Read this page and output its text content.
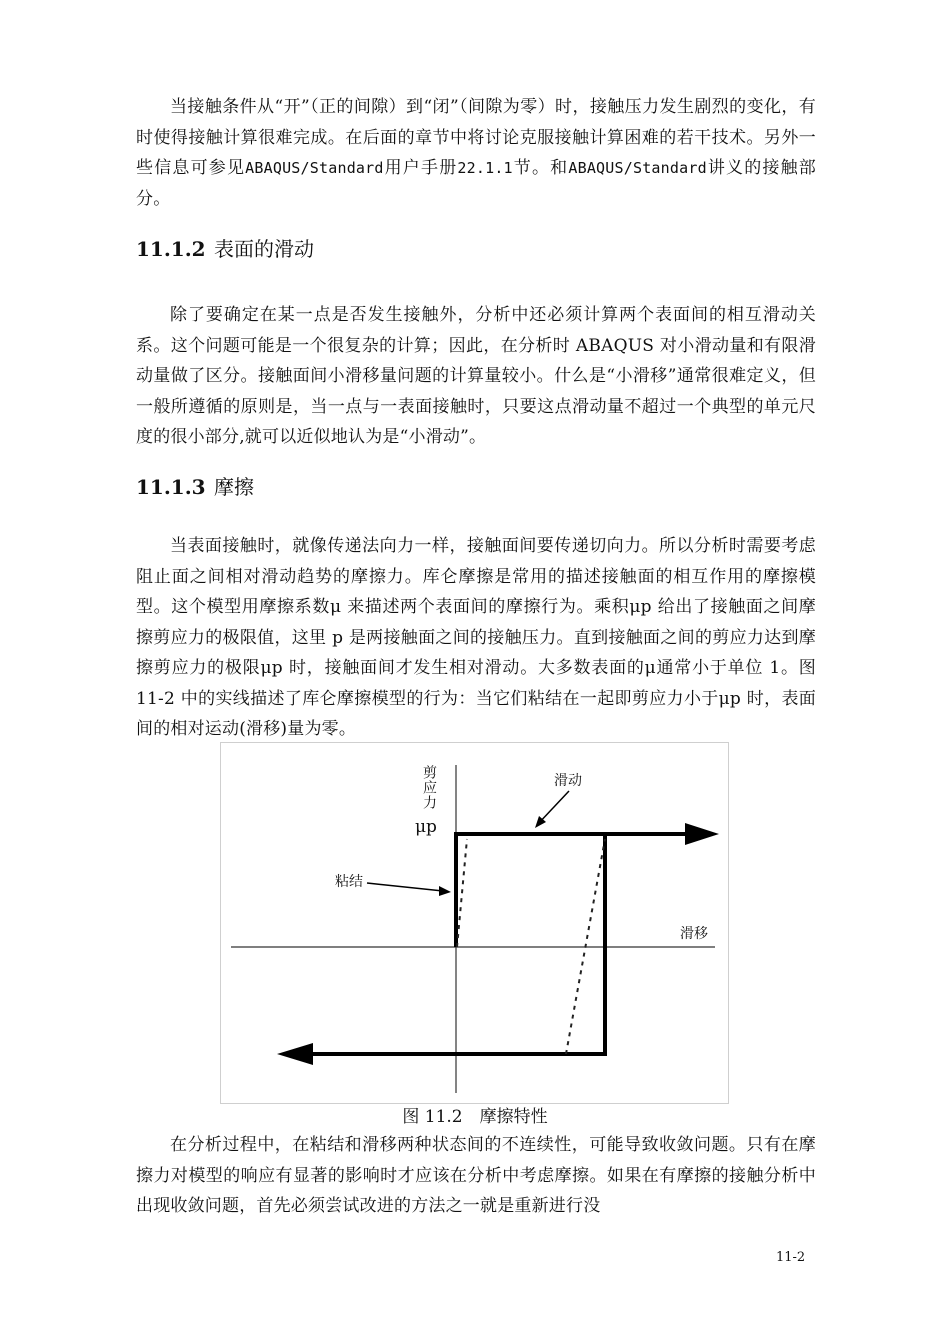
当接触条件从“开”（正的间隙）到“闭”（间隙为零）时，接触压力发生剧烈的变化，有时使得接触计算很难完成。在后面的章节中将讨论克服接触计算困难的若干技术。另外一些信息可参见ABAQUS/Standard用户手册22.1.1节。和ABAQUS/Standard讲义的接触部分。

11.1.2 表面的滑动

除了要确定在某一点是否发生接触外，分析中还必须计算两个表面间的相互滑动关系。这个问题可能是一个很复杂的计算；因此，在分析时 ABAQUS 对小滑动量和有限滑动量做了区分。接触面间小滑移量问题的计算量较小。什么是“小滑移”通常很难定义，但一般所遵循的原则是，当一点与一表面接触时，只要这点滑动量不超过一个典型的单元尺度的很小部分,就可以近似地认为是“小滑动”。

11.1.3 摩擦

当表面接触时，就像传递法向力一样，接触面间要传递切向力。所以分析时需要考虑阻止面之间相对滑动趋势的摩擦力。库仑摩擦是常用的描述接触面的相互作用的摩擦模型。这个模型用摩擦系数μ 来描述两个表面间的摩擦行为。乘积μp 给出了接触面之间摩擦剪应力的极限值，这里 p 是两接触面之间的接触压力。直到接触面之间的剪应力达到摩擦剪应力的极限μp 时，接触面间才发生相对滑动。大多数表面的μ通常小于单位 1。图 11-2 中的实线描述了库仑摩擦模型的行为：当它们粘结在一起即剪应力小于μp 时，表面间的相对运动(滑移)量为零。

剪应力
μp
滑动
粘结
滑移
图 11.2　摩擦特性

在分析过程中，在粘结和滑移两种状态间的不连续性，可能导致收敛问题。只有在摩擦力对模型的响应有显著的影响时才应该在分析中考虑摩擦。如果在有摩擦的接触分析中出现收敛问题，首先必须尝试改进的方法之一就是重新进行没

11-2
